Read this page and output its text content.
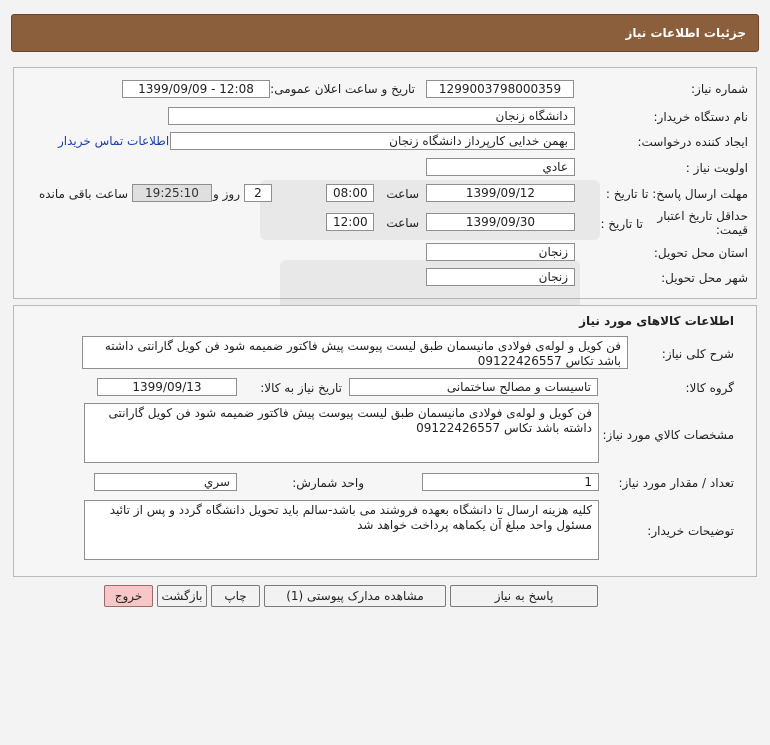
جزئیات اطلاعات نیاز
شماره نیاز:
1299003798000359
تاریخ و ساعت اعلان عمومی:
1399/09/09 - 12:08
نام دستگاه خریدار:
دانشگاه زنجان
ایجاد کننده درخواست:
بهمن خدایی کارپرداز دانشگاه زنجان
اطلاعات تماس خریدار
اولویت نیاز :
عادي
مهلت ارسال پاسخ: تا تاریخ :
1399/09/12
ساعت
08:00
2
روز و
19:25:10
ساعت باقی مانده
حداقل تاریخ اعتبار
قیمت:
تا تاریخ :
1399/09/30
ساعت
12:00
استان محل تحویل:
زنجان
شهر محل تحویل:
زنجان
اطلاعات کالاهای مورد نیاز
شرح کلی نیاز:
فن کویل و لوله‌ی فولادی مانیسمان طبق لیست پیوست پیش فاکتور ضمیمه شود فن کویل گارانتی داشته باشد تکاس 09122426557
گروه کالا:
تاسیسات و مصالح ساختمانی
تاریخ نیاز به کالا:
1399/09/13
مشخصات كالاي مورد نياز:
فن کویل و لوله‌ی فولادی مانیسمان طبق لیست پیوست پیش فاکتور ضمیمه شود فن کویل گارانتی داشته باشد تکاس 09122426557
تعداد / مقدار مورد نیاز:
1
واحد شمارش:
سري
توضیحات خریدار:
کلیه هزینه ارسال تا دانشگاه بعهده فروشند می باشد-سالم باید تحویل دانشگاه گردد و پس از تائید مسئول واحد مبلغ آن یکماهه پرداخت خواهد شد
پاسخ به نیاز
مشاهده مدارک پیوستی (1)
چاپ
بازگشت
خروج
